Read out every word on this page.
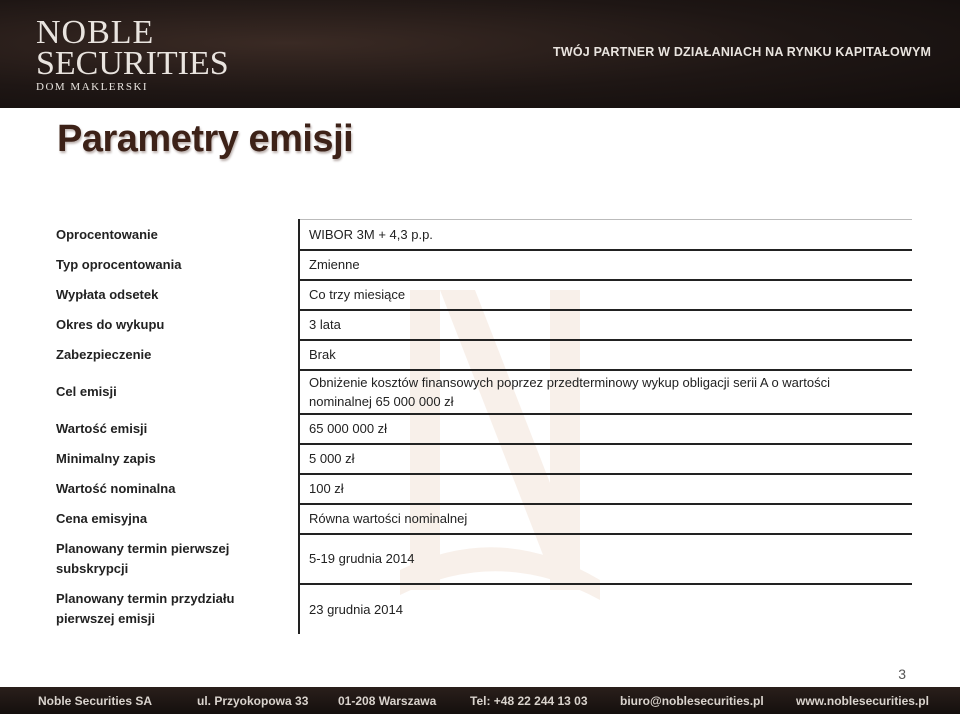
NOBLE
SECURITIES
DOM MAKLERSKI
TWÓJ PARTNER W DZIAŁANIACH NA RYNKU KAPITAŁOWYM
Parametry emisji
Oprocentowanie	WIBOR 3M + 4,3 p.p.
Typ oprocentowania	Zmienne
Wypłata odsetek	Co trzy miesiące
Okres do wykupu	3 lata
Zabezpieczenie	Brak
Cel emisji	Obniżenie kosztów finansowych poprzez przedterminowy wykup obligacji serii A o wartości nominalnej 65 000 000 zł
Wartość emisji	65 000 000 zł
Minimalny zapis	5 000 zł
Wartość nominalna	100 zł
Cena emisyjna	Równa wartości nominalnej
Planowany termin pierwszej subskrypcji	5-19 grudnia 2014
Planowany termin przydziału pierwszej emisji	23 grudnia 2014
3
Noble Securities SA	ul. Przyokopowa 33 01-208 Warszawa	Tel: +48 22 244 13 03	biuro@noblesecurities.pl	www.noblesecurities.pl
